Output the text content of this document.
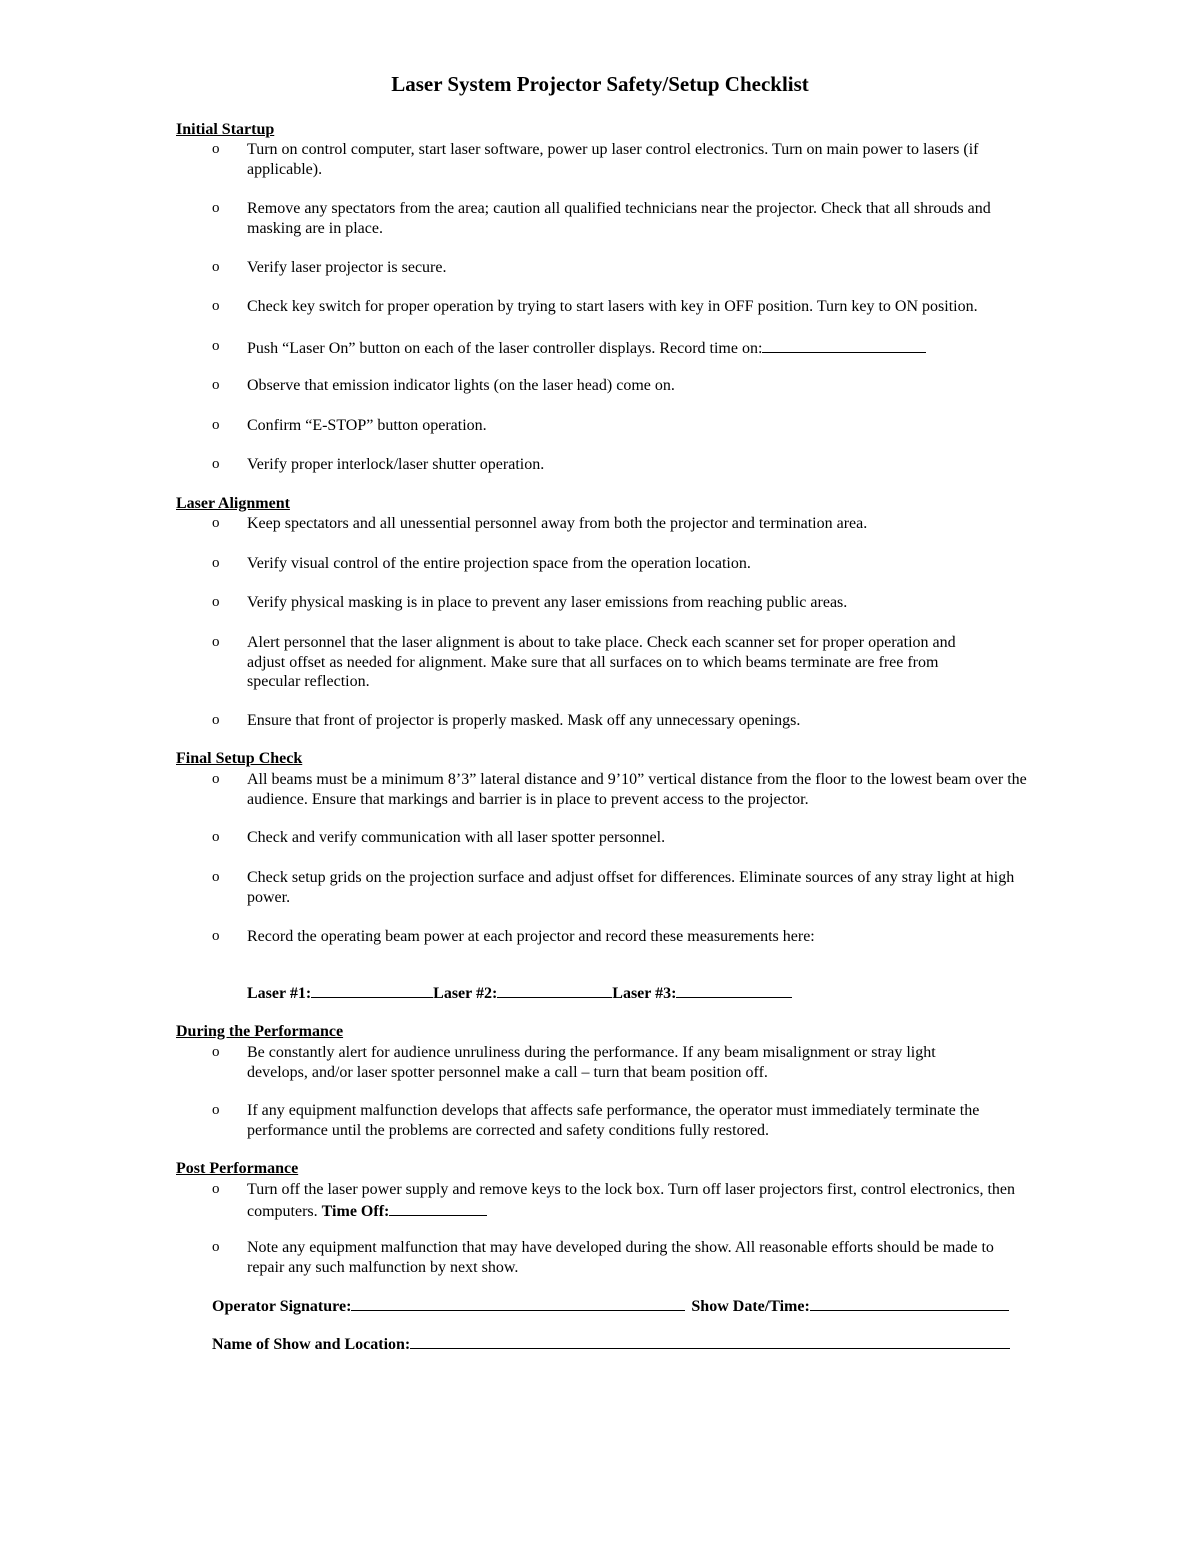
Laser System Projector Safety/Setup Checklist
Initial Startup
o Turn on control computer, start laser software, power up laser control electronics. Turn on main power to lasers (if applicable).
o Remove any spectators from the area; caution all qualified technicians near the projector. Check that all shrouds and masking are in place.
o Verify laser projector is secure.
o Check key switch for proper operation by trying to start lasers with key in OFF position. Turn key to ON position.
o Push “Laser On” button on each of the laser controller displays. Record time on:
o Observe that emission indicator lights (on the laser head) come on.
o Confirm “E-STOP” button operation.
o Verify proper interlock/laser shutter operation.
Laser Alignment
o Keep spectators and all unessential personnel away from both the projector and termination area.
o Verify visual control of the entire projection space from the operation location.
o Verify physical masking is in place to prevent any laser emissions from reaching public areas.
o Alert personnel that the laser alignment is about to take place. Check each scanner set for proper operation and adjust offset as needed for alignment. Make sure that all surfaces on to which beams terminate are free from specular reflection.
o Ensure that front of projector is properly masked. Mask off any unnecessary openings.
Final Setup Check
o All beams must be a minimum 8’3” lateral distance and 9’10” vertical distance from the floor to the lowest beam over the audience. Ensure that markings and barrier is in place to prevent access to the projector.
o Check and verify communication with all laser spotter personnel.
o Check setup grids on the projection surface and adjust offset for differences. Eliminate sources of any stray light at high power.
o Record the operating beam power at each projector and record these measurements here:
Laser #1:	Laser #2:	Laser #3:
During the Performance
o Be constantly alert for audience unruliness during the performance. If any beam misalignment or stray light develops, and/or laser spotter personnel make a call – turn that beam position off.
o If any equipment malfunction develops that affects safe performance, the operator must immediately terminate the performance until the problems are corrected and safety conditions fully restored.
Post Performance
o Turn off the laser power supply and remove keys to the lock box. Turn off laser projectors first, control electronics, then computers. Time Off:
o Note any equipment malfunction that may have developed during the show. All reasonable efforts should be made to repair any such malfunction by next show.
Operator Signature:	Show Date/Time:
Name of Show and Location:
